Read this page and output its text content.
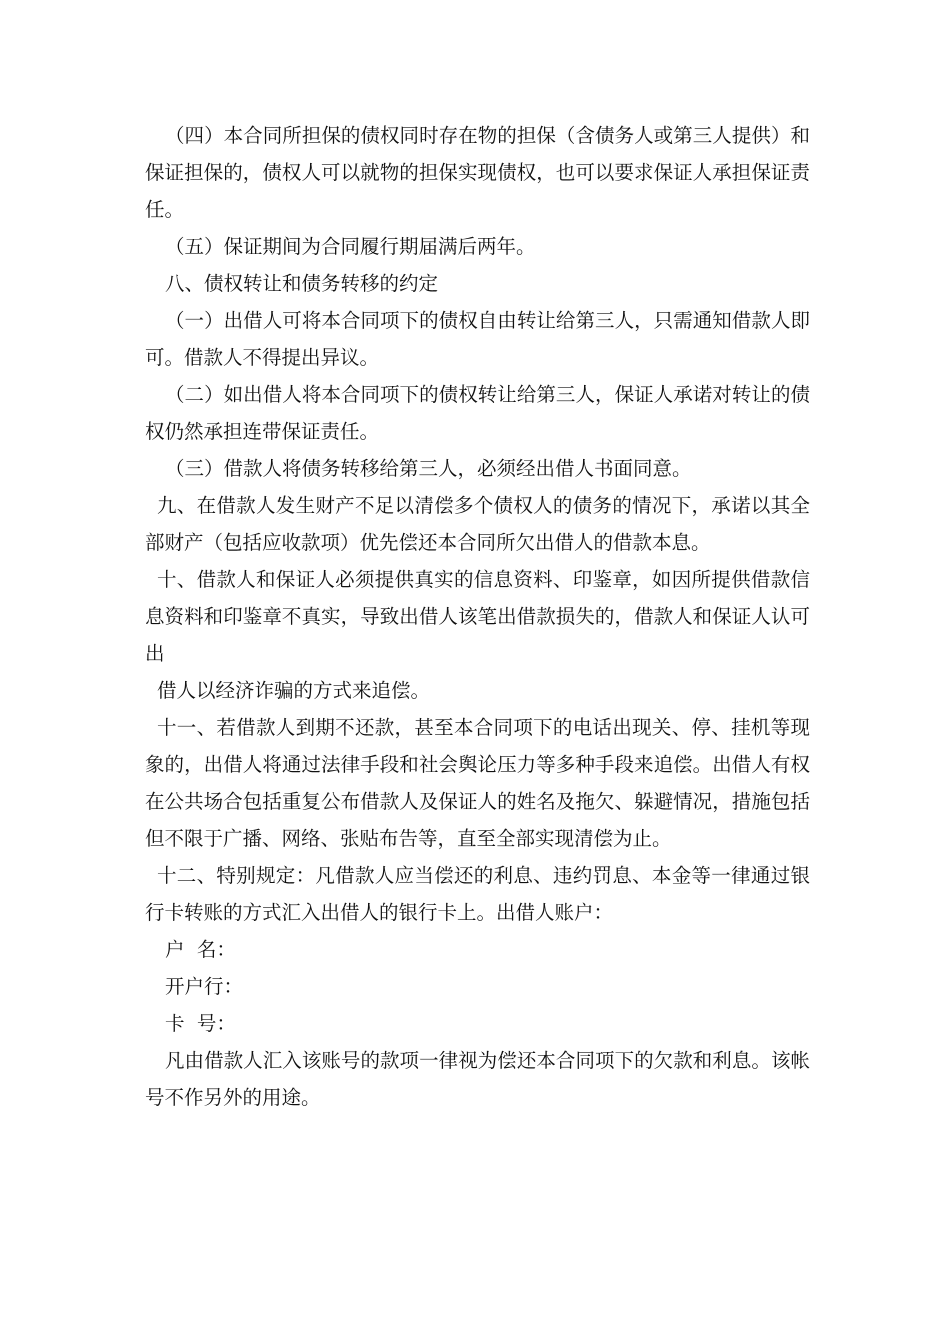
（四）本合同所担保的债权同时存在物的担保（含债务人或第三人提供）和保证担保的，债权人可以就物的担保实现债权，也可以要求保证人承担保证责任。

（五）保证期间为合同履行期届满后两年。

八、债权转让和债务转移的约定

（一）出借人可将本合同项下的债权自由转让给第三人，只需通知借款人即可。借款人不得提出异议。

（二）如出借人将本合同项下的债权转让给第三人，保证人承诺对转让的债权仍然承担连带保证责任。

（三）借款人将债务转移给第三人，必须经出借人书面同意。

九、在借款人发生财产不足以清偿多个债权人的债务的情况下，承诺以其全部财产（包括应收款项）优先偿还本合同所欠出借人的借款本息。

十、借款人和保证人必须提供真实的信息资料、印鉴章，如因所提供借款信息资料和印鉴章不真实，导致出借人该笔出借款损失的，借款人和保证人认可出

借人以经济诈骗的方式来追偿。

十一、若借款人到期不还款，甚至本合同项下的电话出现关、停、挂机等现象的，出借人将通过法律手段和社会舆论压力等多种手段来追偿。出借人有权在公共场合包括重复公布借款人及保证人的姓名及拖欠、躲避情况，措施包括但不限于广播、网络、张贴布告等，直至全部实现清偿为止。

十二、特别规定：凡借款人应当偿还的利息、违约罚息、本金等一律通过银行卡转账的方式汇入出借人的银行卡上。出借人账户：

户  名：

开户行：

卡  号：

凡由借款人汇入该账号的款项一律视为偿还本合同项下的欠款和利息。该帐号不作另外的用途。
